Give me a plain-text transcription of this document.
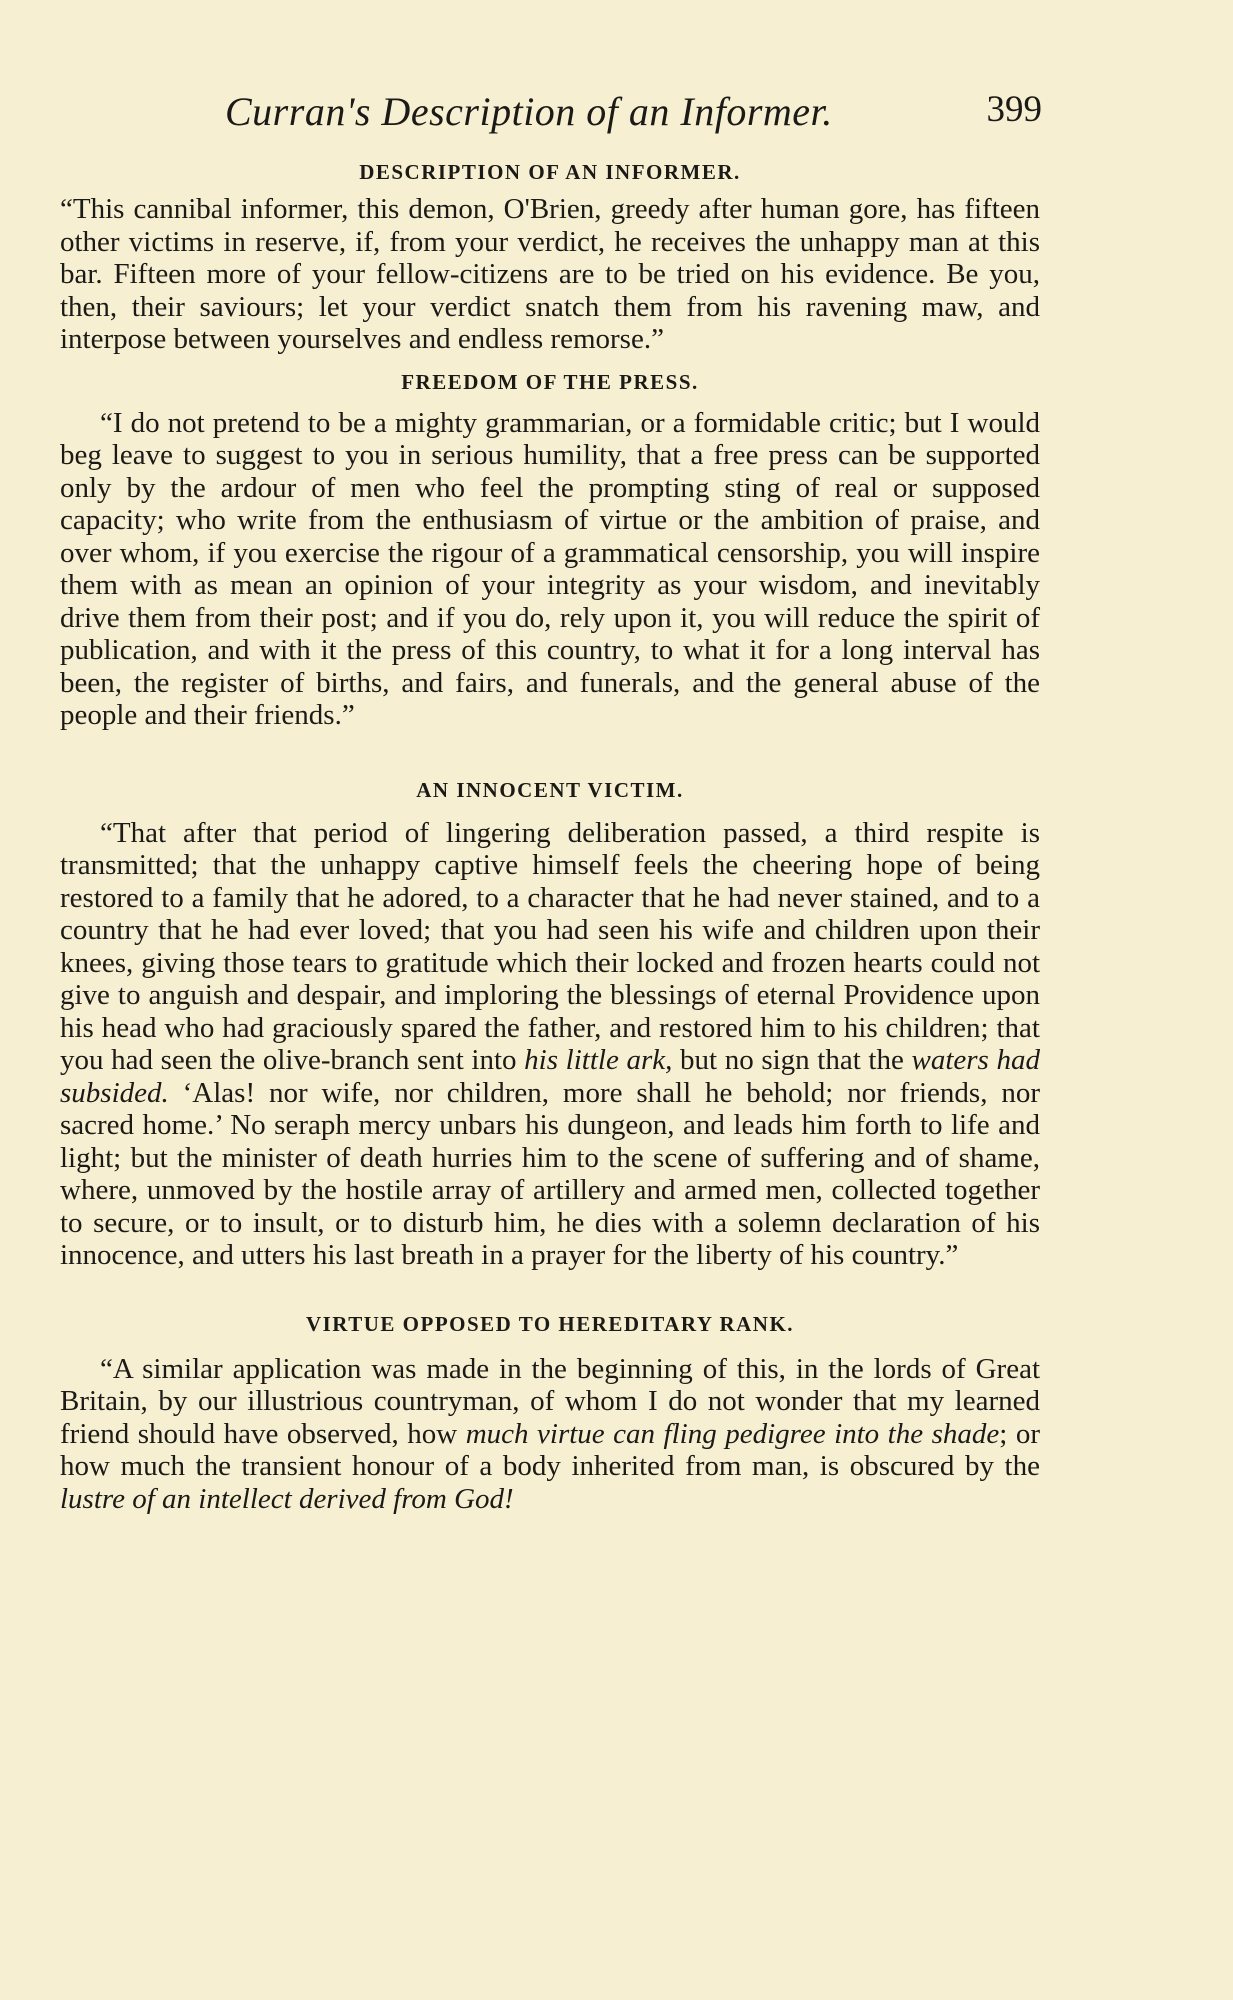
Curran's Description of an Informer.	399
DESCRIPTION OF AN INFORMER.

“This cannibal informer, this demon, O'Brien, greedy after human gore, has fifteen other victims in reserve, if, from your verdict, he receives the unhappy man at this bar. Fifteen more of your fellow-citizens are to be tried on his evidence. Be you, then, their saviours; let your verdict snatch them from his ravening maw, and interpose between yourselves and endless remorse.”

FREEDOM OF THE PRESS.

“I do not pretend to be a mighty grammarian, or a formidable critic; but I would beg leave to suggest to you in serious humility, that a free press can be supported only by the ardour of men who feel the prompting sting of real or supposed capacity; who write from the enthusiasm of virtue or the ambition of praise, and over whom, if you exercise the rigour of a grammatical censorship, you will inspire them with as mean an opinion of your integrity as your wisdom, and inevitably drive them from their post; and if you do, rely upon it, you will reduce the spirit of publication, and with it the press of this country, to what it for a long interval has been, the register of births, and fairs, and funerals, and the general abuse of the people and their friends.”

AN INNOCENT VICTIM.

“That after that period of lingering deliberation passed, a third respite is transmitted; that the unhappy captive himself feels the cheering hope of being restored to a family that he adored, to a character that he had never stained, and to a country that he had ever loved; that you had seen his wife and children upon their knees, giving those tears to gratitude which their locked and frozen hearts could not give to anguish and despair, and imploring the blessings of eternal Providence upon his head who had graciously spared the father, and restored him to his children; that you had seen the olive-branch sent into his little ark, but no sign that the waters had subsided. ‘Alas! nor wife, nor children, more shall he behold; nor friends, nor sacred home.’ No seraph mercy unbars his dungeon, and leads him forth to life and light; but the minister of death hurries him to the scene of suffering and of shame, where, unmoved by the hostile array of artillery and armed men, collected together to secure, or to insult, or to disturb him, he dies with a solemn declaration of his innocence, and utters his last breath in a prayer for the liberty of his country.”

VIRTUE OPPOSED TO HEREDITARY RANK.

“A similar application was made in the beginning of this, in the lords of Great Britain, by our illustrious countryman, of whom I do not wonder that my learned friend should have observed, how much virtue can fling pedigree into the shade; or how much the transient honour of a body inherited from man, is obscured by the lustre of an intellect derived from God!
